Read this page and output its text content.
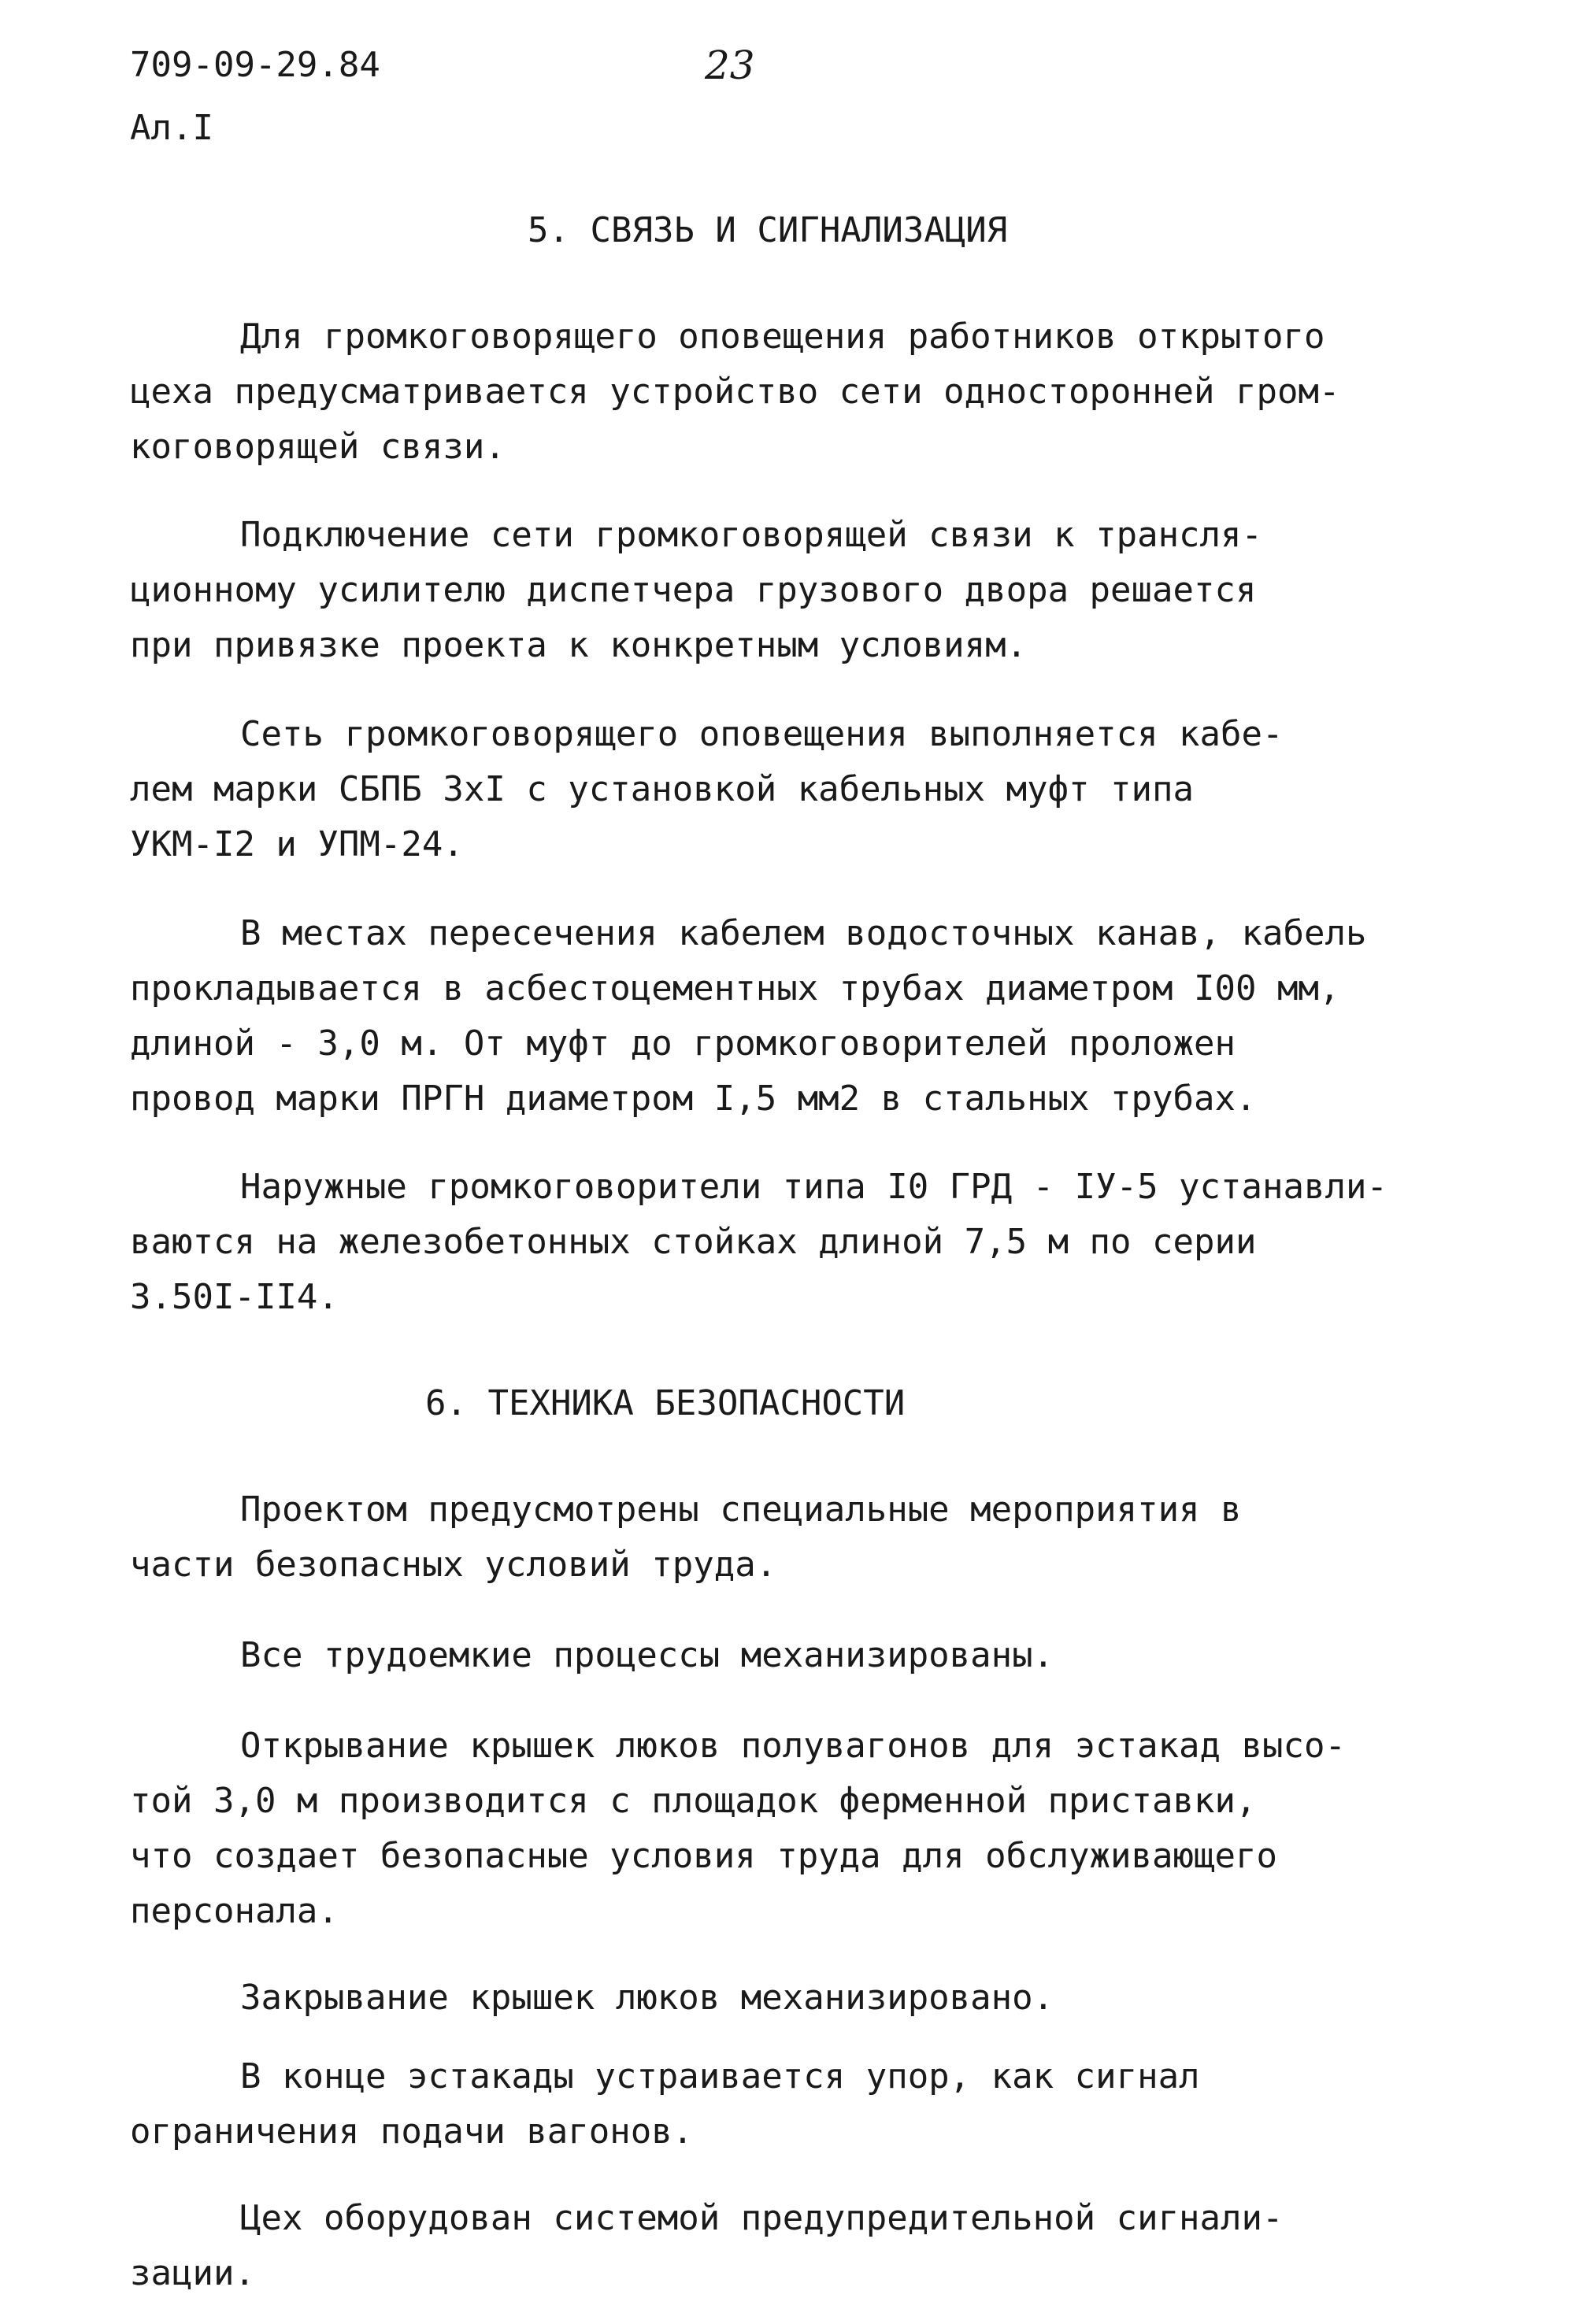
709-09-29.84	23
Ал.I
5. СВЯЗЬ И СИГНАЛИЗАЦИЯ
Для громкоговорящего оповещения работников открытого
цеха предусматривается устройство сети односторонней гром-
коговорящей связи.
Подключение сети громкоговорящей связи к трансля-
ционному усилителю диспетчера грузового двора решается
при привязке проекта к конкретным условиям.
Сеть громкоговорящего оповещения выполняется кабе-
лем марки СБПБ 3хI с установкой кабельных муфт типа
УКМ-I2 и УПМ-24.
В местах пересечения кабелем водосточных канав, кабель
прокладывается в асбестоцементных трубах диаметром I00 мм,
длиной - 3,0 м. От муфт до громкоговорителей проложен
провод марки ПРГН диаметром I,5 мм2 в стальных трубах.
Наружные громкоговорители типа I0 ГРД - IУ-5 устанавли-
ваются на железобетонных стойках длиной 7,5 м по серии
3.50I-II4.
6. ТЕХНИКА БЕЗОПАСНОСТИ
Проектом предусмотрены специальные мероприятия в
части безопасных условий труда.
Все трудоемкие процессы механизированы.
Открывание крышек люков полувагонов для эстакад высо-
той 3,0 м производится с площадок ферменной приставки,
что создает безопасные условия труда для обслуживающего
персонала.
Закрывание крышек люков механизировано.
В конце эстакады устраивается упор, как сигнал
ограничения подачи вагонов.
Цех оборудован системой предупредительной сигнали-
зации.
